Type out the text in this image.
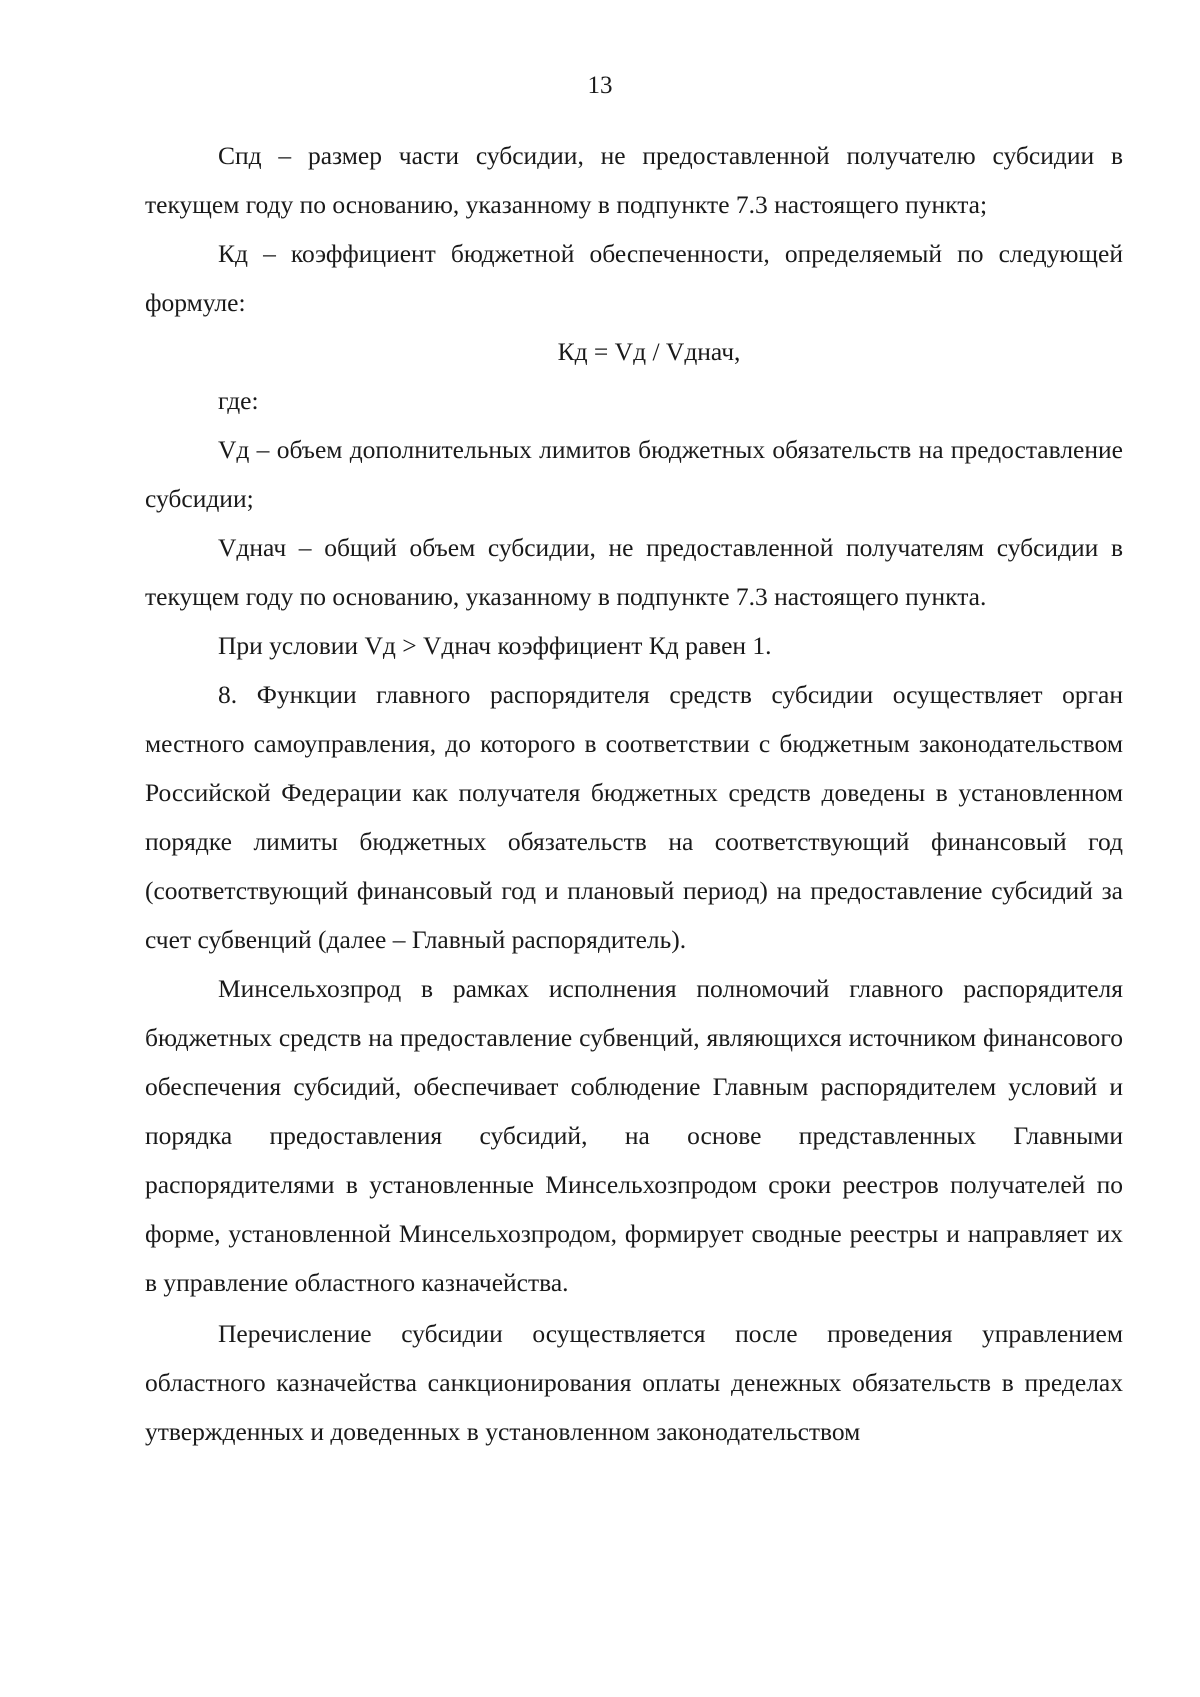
13

Спд – размер части субсидии, не предоставленной получателю субсидии в текущем году по основанию, указанному в подпункте 7.3 настоящего пункта;

Кд – коэффициент бюджетной обеспеченности, определяемый по следующей формуле:

Кд = Vд / Vднач,

где:

Vд – объем дополнительных лимитов бюджетных обязательств на предоставление субсидии;

Vднач – общий объем субсидии, не предоставленной получателям субсидии в текущем году по основанию, указанному в подпункте 7.3 настоящего пункта.

При условии Vд > Vднач коэффициент Кд равен 1.

8. Функции главного распорядителя средств субсидии осуществляет орган местного самоуправления, до которого в соответствии с бюджетным законодательством Российской Федерации как получателя бюджетных средств доведены в установленном порядке лимиты бюджетных обязательств на соответствующий финансовый год (соответствующий финансовый год и плановый период) на предоставление субсидий за счет субвенций (далее – Главный распорядитель).

Минсельхозпрод в рамках исполнения полномочий главного распорядителя бюджетных средств на предоставление субвенций, являющихся источником финансового обеспечения субсидий, обеспечивает соблюдение Главным распорядителем условий и порядка предоставления субсидий, на основе представленных Главными распорядителями в установленные Минсельхозпродом сроки реестров получателей по форме, установленной Минсельхозпродом, формирует сводные реестры и направляет их в управление областного казначейства.

Перечисление субсидии осуществляется после проведения управлением областного казначейства санкционирования оплаты денежных обязательств в пределах утвержденных и доведенных в установленном законодательством
